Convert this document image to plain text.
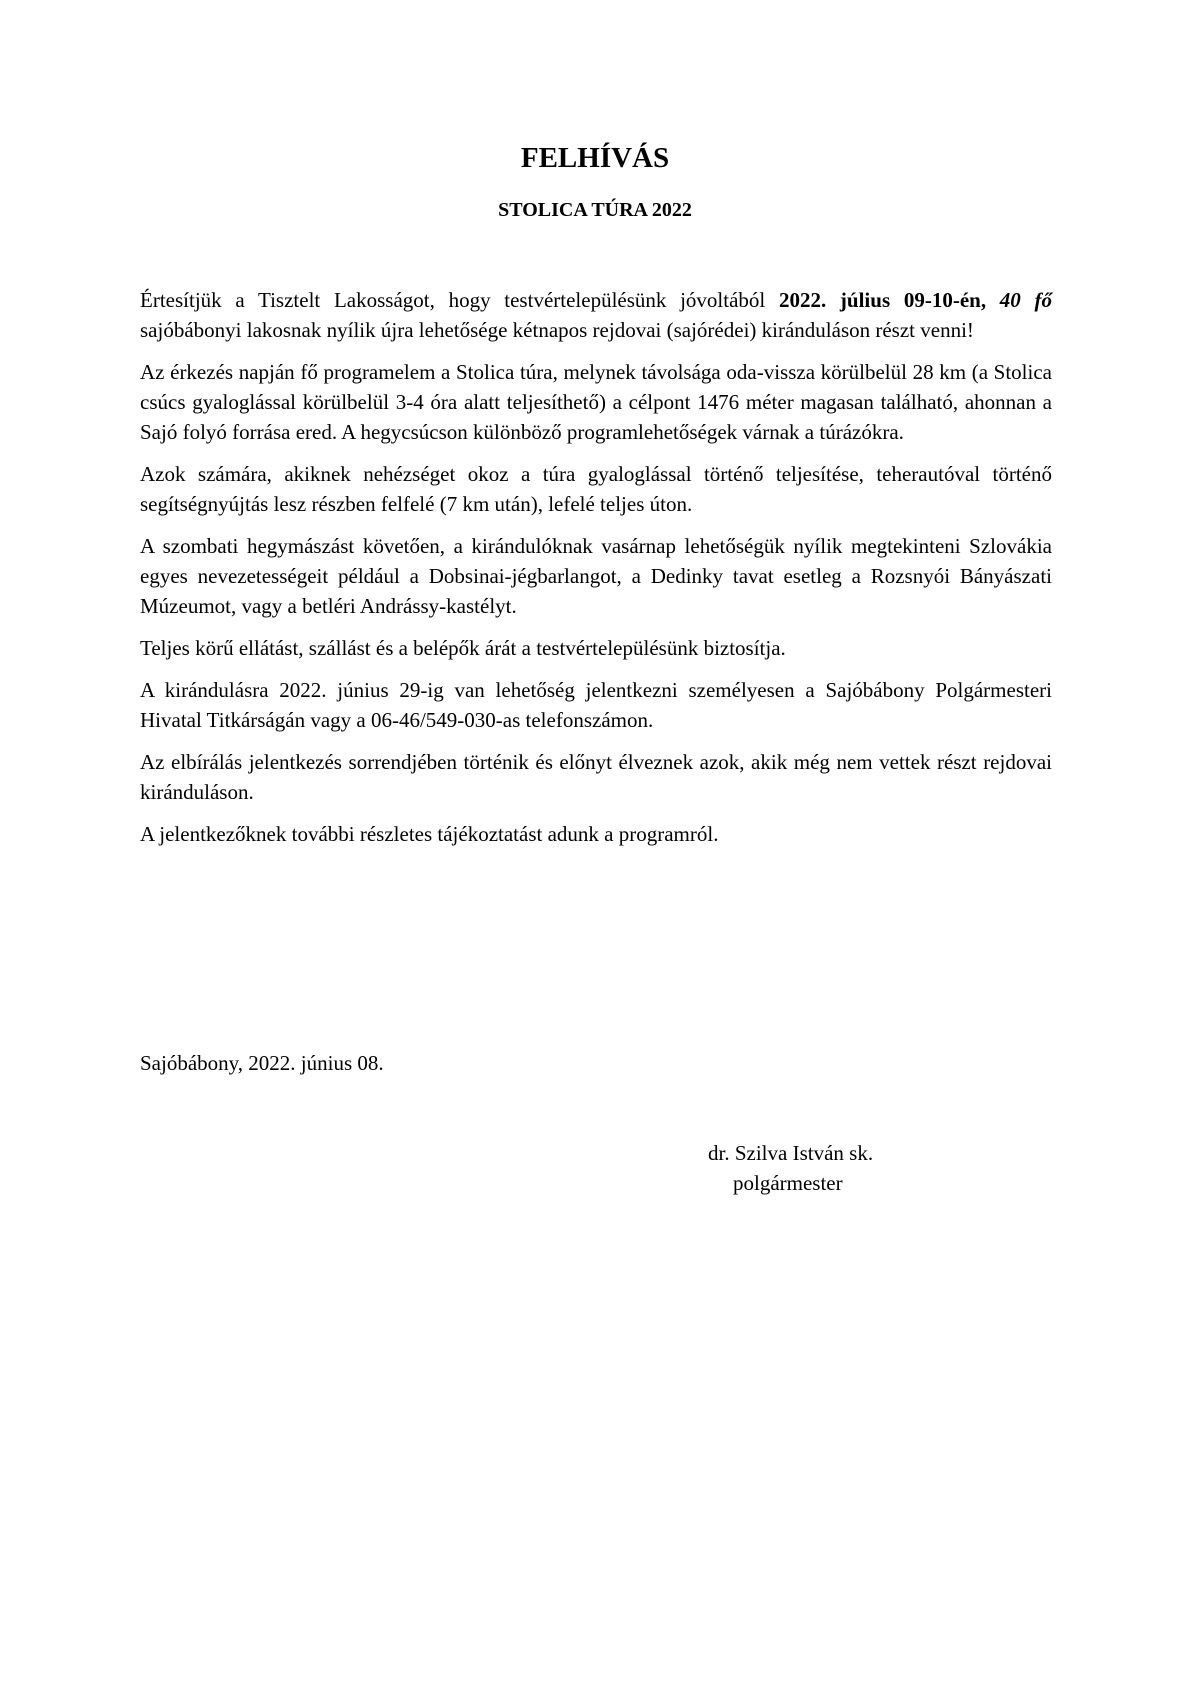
FELHÍVÁS
STOLICA TÚRA 2022

Értesítjük a Tisztelt Lakosságot, hogy testvértelepülésünk jóvoltából 2022. július 09-10-én, 40 fő sajóbábonyi lakosnak nyílik újra lehetősége kétnapos rejdovai (sajórédei) kiránduláson részt venni!

Az érkezés napján fő programelem a Stolica túra, melynek távolsága oda-vissza körülbelül 28 km (a Stolica csúcs gyaloglással körülbelül 3-4 óra alatt teljesíthető) a célpont 1476 méter magasan található, ahonnan a Sajó folyó forrása ered. A hegycsúcson különböző programlehetőségek várnak a túrázókra.

Azok számára, akiknek nehézséget okoz a túra gyaloglással történő teljesítése, teherautóval történő segítségnyújtás lesz részben felfelé (7 km után), lefelé teljes úton.

A szombati hegymászást követően, a kirándulóknak vasárnap lehetőségük nyílik megtekinteni Szlovákia egyes nevezetességeit például a Dobsinai-jégbarlangot, a Dedinky tavat esetleg a Rozsnyói Bányászati Múzeumot, vagy a betléri Andrássy-kastélyt.

Teljes körű ellátást, szállást és a belépők árát a testvértelepülésünk biztosítja.

A kirándulásra 2022. június 29-ig van lehetőség jelentkezni személyesen a Sajóbábony Polgármesteri Hivatal Titkárságán vagy a 06-46/549-030-as telefonszámon.

Az elbírálás jelentkezés sorrendjében történik és előnyt élveznek azok, akik még nem vettek részt rejdovai kiránduláson.

A jelentkezőknek további részletes tájékoztatást adunk a programról.

Sajóbábony, 2022. június 08.

dr. Szilva István sk.
polgármester
